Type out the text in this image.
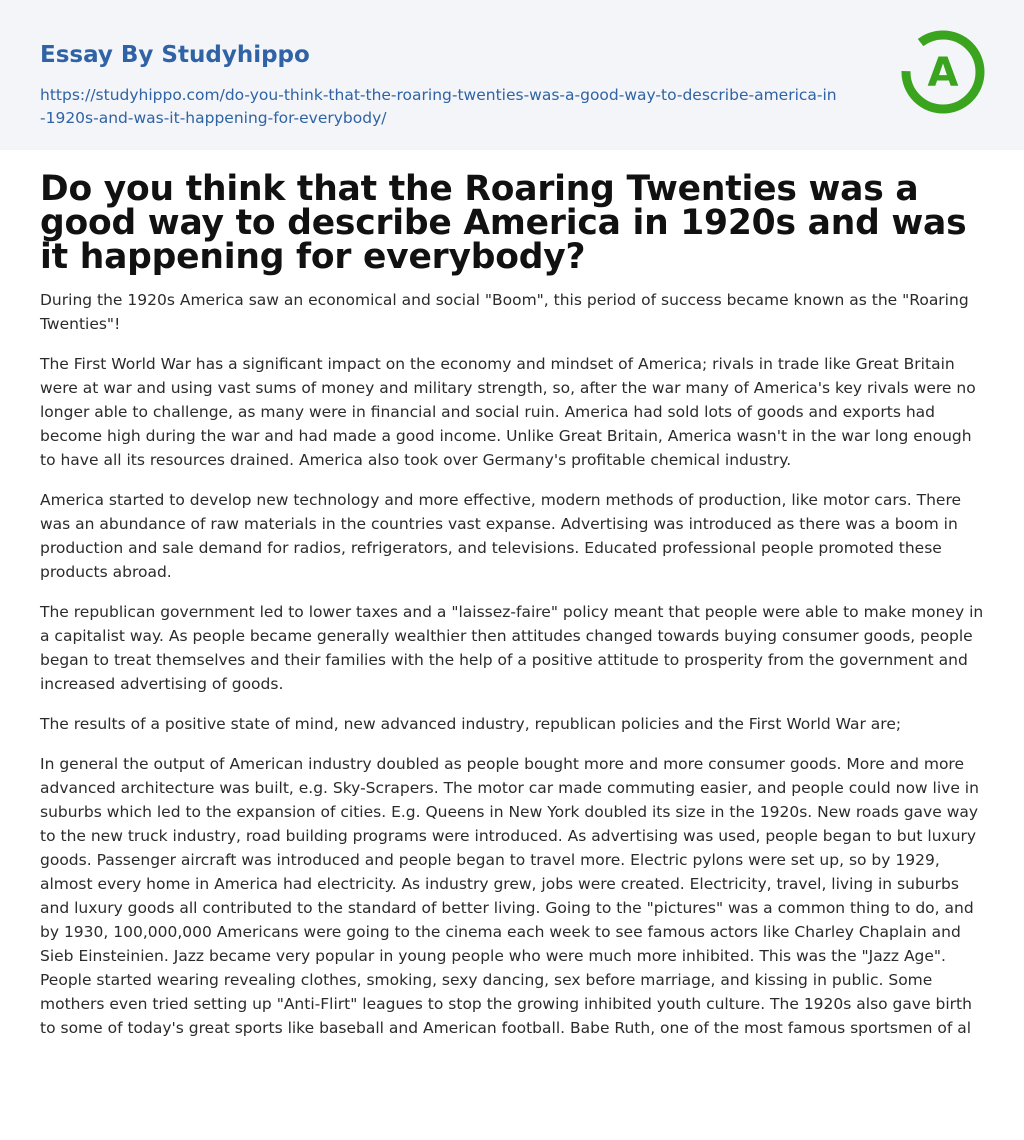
Essay By Studyhippo
https://studyhippo.com/do-you-think-that-the-roaring-twenties-was-a-good-way-to-describe-america-in-1920s-and-was-it-happening-for-everybody/
A
Do you think that the Roaring Twenties was a good way to describe America in 1920s and was it happening for everybody?

During the 1920s America saw an economical and social "Boom", this period of success became known as the "Roaring Twenties"!

The First World War has a significant impact on the economy and mindset of America; rivals in trade like Great Britain were at war and using vast sums of money and military strength, so, after the war many of America's key rivals were no longer able to challenge, as many were in financial and social ruin. America had sold lots of goods and exports had become high during the war and had made a good income. Unlike Great Britain, America wasn't in the war long enough to have all its resources drained. America also took over Germany's profitable chemical industry.

America started to develop new technology and more effective, modern methods of production, like motor cars. There was an abundance of raw materials in the countries vast expanse. Advertising was introduced as there was a boom in production and sale demand for radios, refrigerators, and televisions. Educated professional people promoted these products abroad.

The republican government led to lower taxes and a "laissez-faire" policy meant that people were able to make money in a capitalist way. As people became generally wealthier then attitudes changed towards buying consumer goods, people began to treat themselves and their families with the help of a positive attitude to prosperity from the government and increased advertising of goods.

The results of a positive state of mind, new advanced industry, republican policies and the First World War are;

In general the output of American industry doubled as people bought more and more consumer goods. More and more advanced architecture was built, e.g. Sky-Scrapers. The motor car made commuting easier, and people could now live in suburbs which led to the expansion of cities. E.g. Queens in New York doubled its size in the 1920s. New roads gave way to the new truck industry, road building programs were introduced. As advertising was used, people began to but luxury goods. Passenger aircraft was introduced and people began to travel more. Electric pylons were set up, so by 1929, almost every home in America had electricity. As industry grew, jobs were created. Electricity, travel, living in suburbs and luxury goods all contributed to the standard of better living. Going to the "pictures" was a common thing to do, and by 1930, 100,000,000 Americans were going to the cinema each week to see famous actors like Charley Chaplain and Sieb Einsteinien. Jazz became very popular in young people who were much more inhibited. This was the "Jazz Age". People started wearing revealing clothes, smoking, sexy dancing, sex before marriage, and kissing in public. Some mothers even tried setting up "Anti-Flirt" leagues to stop the growing inhibited youth culture. The 1920s also gave birth to some of today's great sports like baseball and American football. Babe Ruth, one of the most famous sportsmen of al
